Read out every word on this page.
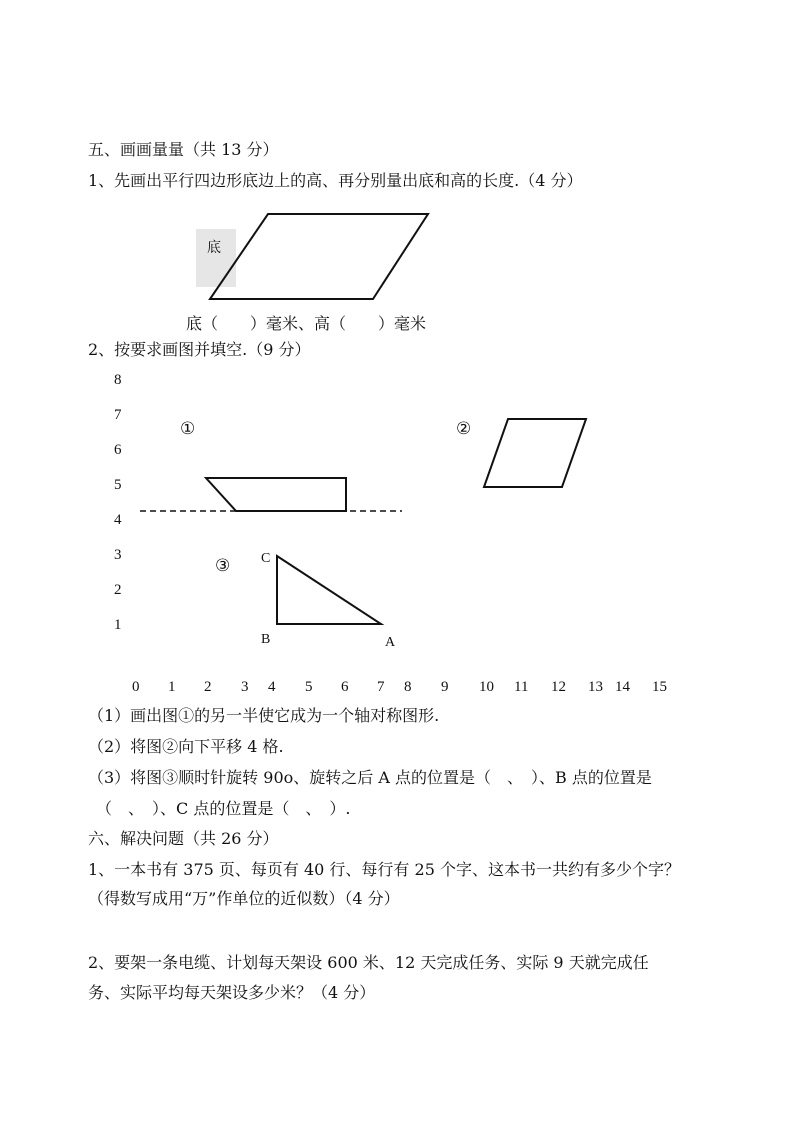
五、画画量量（共 13 分）
1、先画出平行四边形底边上的高、再分别量出底和高的长度.（4 分）
底
底（　　）毫米、高（　　）毫米
2、按要求画图并填空.（9 分）
8
7
6
5
4
3
2
1
①	②
③ C
B	A
0 1 2 3 4 5 6 7 8 9 10 11 12 13 14 15
（1）画出图①的另一半使它成为一个轴对称图形.
（2）将图②向下平移 4 格.
（3）将图③顺时针旋转 90o、旋转之后 A 点的位置是（　、　）、B 点的位置是
（　、　）、C 点的位置是（　、　）.
六、解决问题（共 26 分）
1、一本书有 375 页、每页有 40 行、每行有 25 个字、这本书一共约有多少个字？
（得数写成用“万”作单位的近似数）（4 分）
2、要架一条电缆、计划每天架设 600 米、12 天完成任务、实际 9 天就完成任
务、实际平均每天架设多少米？（4 分）
